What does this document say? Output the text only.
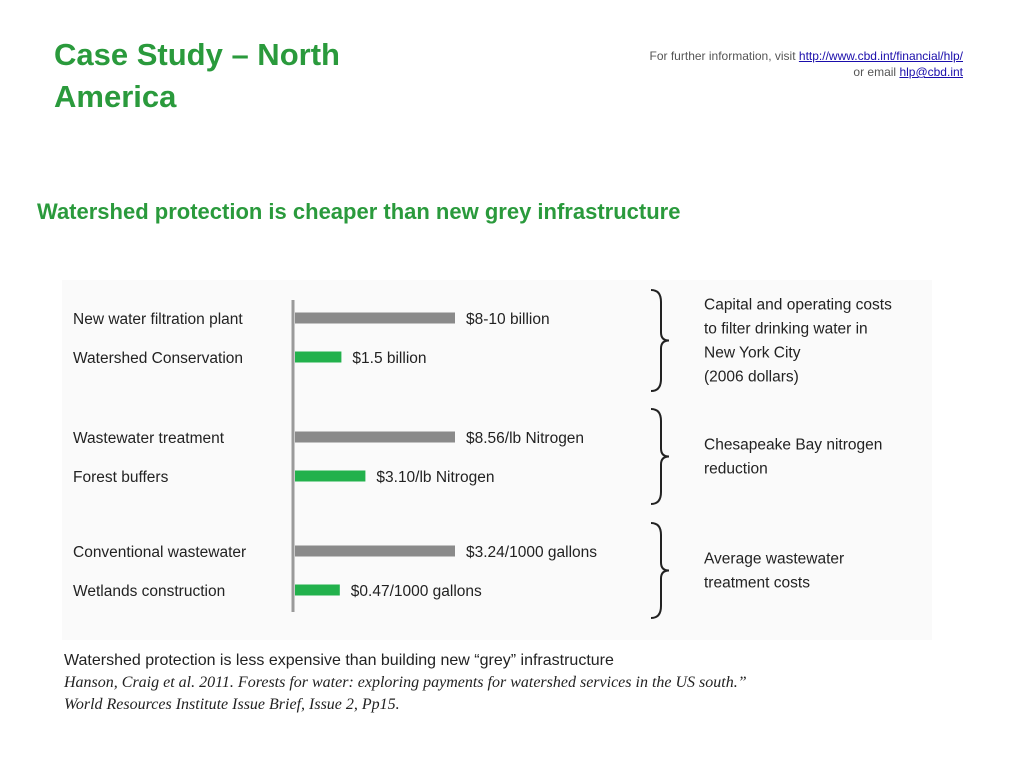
Case Study – North America
For further information, visit http://www.cbd.int/financial/hlp/
or email hlp@cbd.int
Watershed protection is cheaper than new grey infrastructure
New water filtration plant	$8-10 billion
Watershed Conservation	$1.5 billion
Capital and operating costs
to filter drinking water in
New York City
(2006 dollars)
Wastewater treatment	$8.56/lb Nitrogen
Forest buffers	$3.10/lb Nitrogen
Chesapeake Bay nitrogen
reduction
Conventional wastewater	$3.24/1000 gallons
Wetlands construction	$0.47/1000 gallons
Average wastewater
treatment costs
Watershed protection is less expensive than building new “grey” infrastructure
Hanson, Craig et al. 2011. Forests for water: exploring payments for watershed services in the US south.”
World Resources Institute Issue Brief, Issue 2, Pp15.
